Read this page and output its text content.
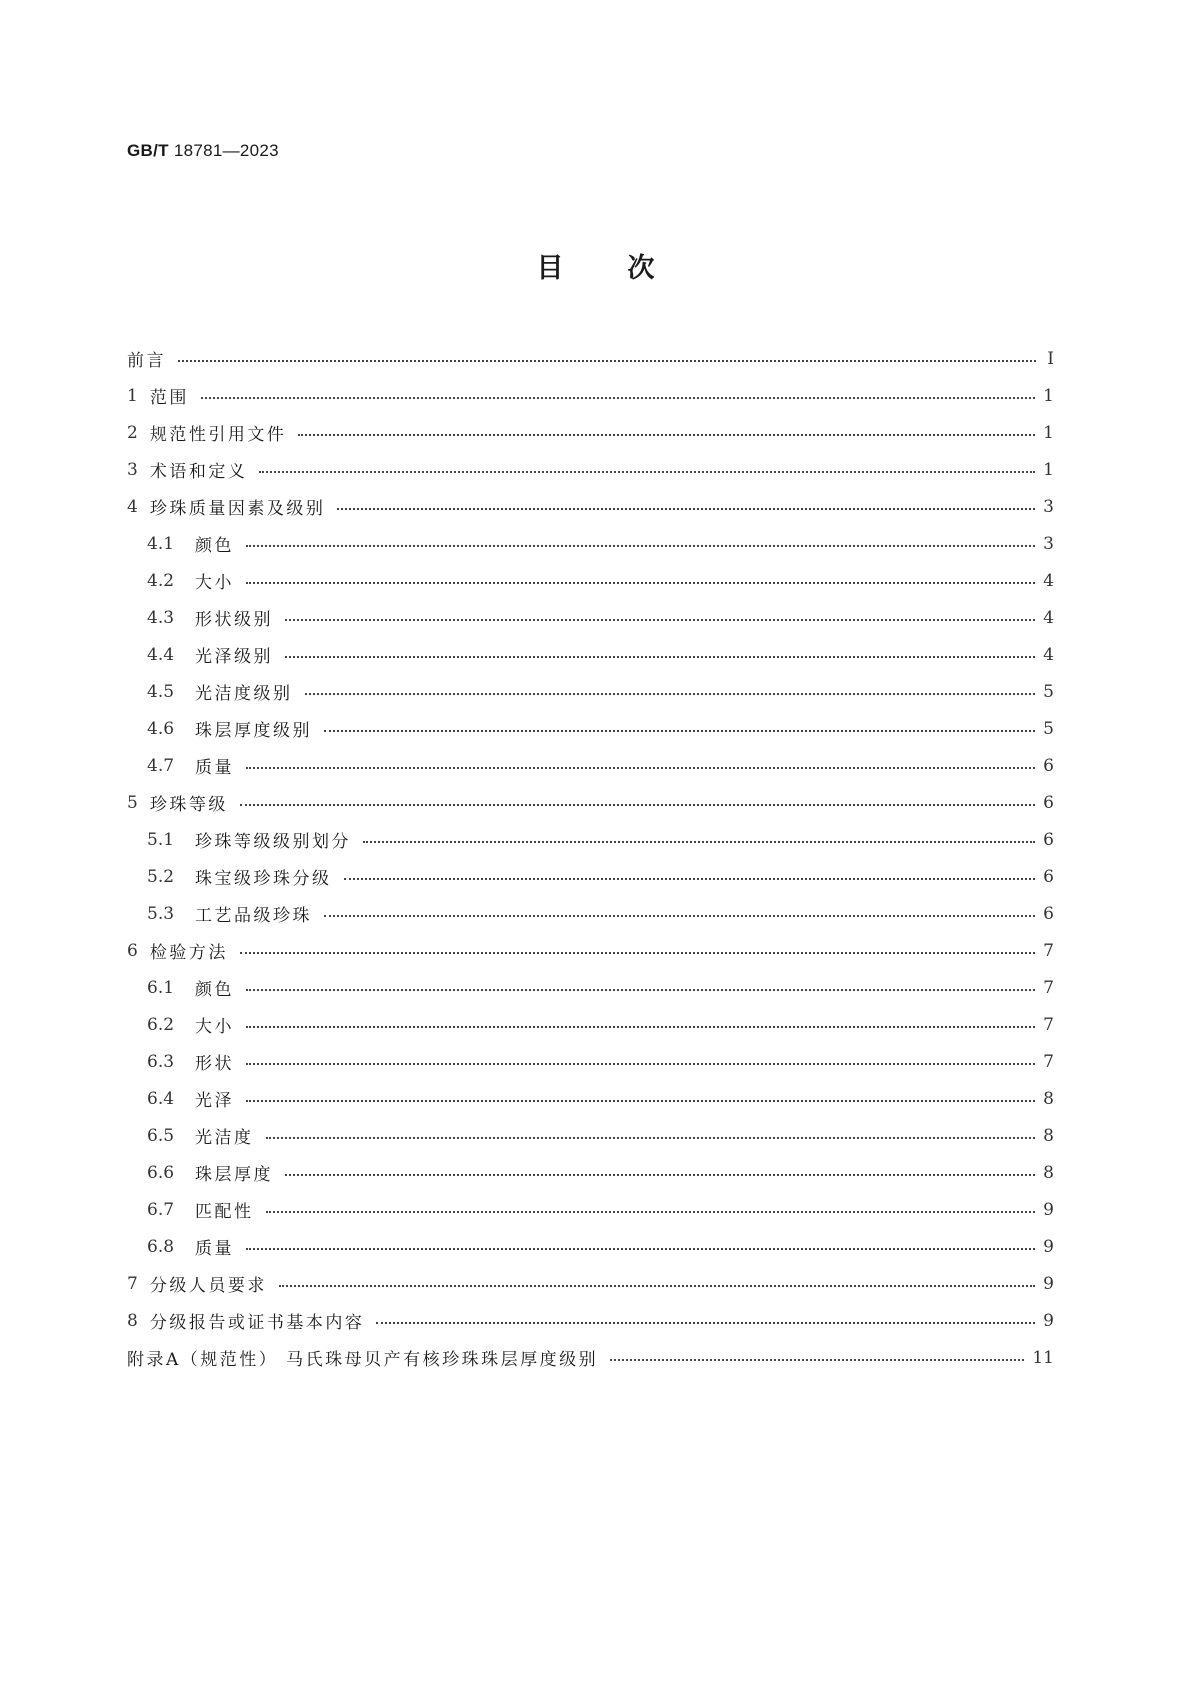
GB/T 18781—2023
目次
前言	Ⅰ
1 范围	1
2 规范性引用文件	1
3 术语和定义	1
4 珍珠质量因素及级别	3
4.1	颜色	3
4.2	大小	4
4.3	形状级别	4
4.4	光泽级别	4
4.5	光洁度级别	5
4.6	珠层厚度级别	5
4.7	质量	6
5 珍珠等级	6
5.1	珍珠等级级别划分	6
5.2	珠宝级珍珠分级	6
5.3	工艺品级珍珠	6
6 检验方法	7
6.1	颜色	7
6.2	大小	7
6.3	形状	7
6.4	光泽	8
6.5	光洁度	8
6.6	珠层厚度	8
6.7	匹配性	9
6.8	质量	9
7 分级人员要求	9
8 分级报告或证书基本内容	9
附录A（规范性） 马氏珠母贝产有核珍珠珠层厚度级别	11
